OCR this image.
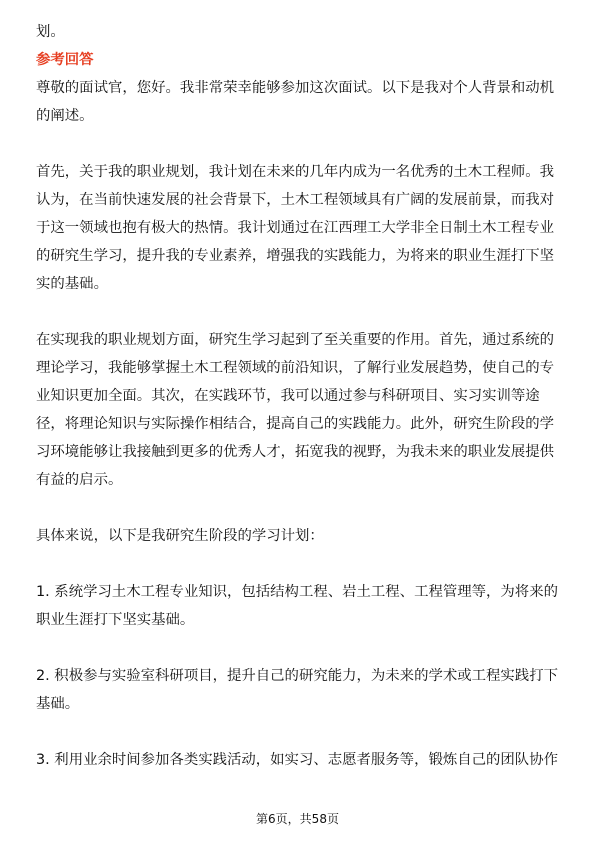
划。

参考回答

尊敬的面试官，您好。我非常荣幸能够参加这次面试。以下是我对个人背景和动机的阐述。

首先，关于我的职业规划，我计划在未来的几年内成为一名优秀的土木工程师。我认为，在当前快速发展的社会背景下，土木工程领域具有广阔的发展前景，而我对于这一领域也抱有极大的热情。我计划通过在江西理工大学非全日制土木工程专业的研究生学习，提升我的专业素养，增强我的实践能力，为将来的职业生涯打下坚实的基础。

在实现我的职业规划方面，研究生学习起到了至关重要的作用。首先，通过系统的理论学习，我能够掌握土木工程领域的前沿知识，了解行业发展趋势，使自己的专业知识更加全面。其次，在实践环节，我可以通过参与科研项目、实习实训等途径，将理论知识与实际操作相结合，提高自己的实践能力。此外，研究生阶段的学习环境能够让我接触到更多的优秀人才，拓宽我的视野，为我未来的职业发展提供有益的启示。

具体来说，以下是我研究生阶段的学习计划：

1. 系统学习土木工程专业知识，包括结构工程、岩土工程、工程管理等，为将来的职业生涯打下坚实基础。

2. 积极参与实验室科研项目，提升自己的研究能力，为未来的学术或工程实践打下基础。

3. 利用业余时间参加各类实践活动，如实习、志愿者服务等，锻炼自己的团队协作

第6页，共58页
